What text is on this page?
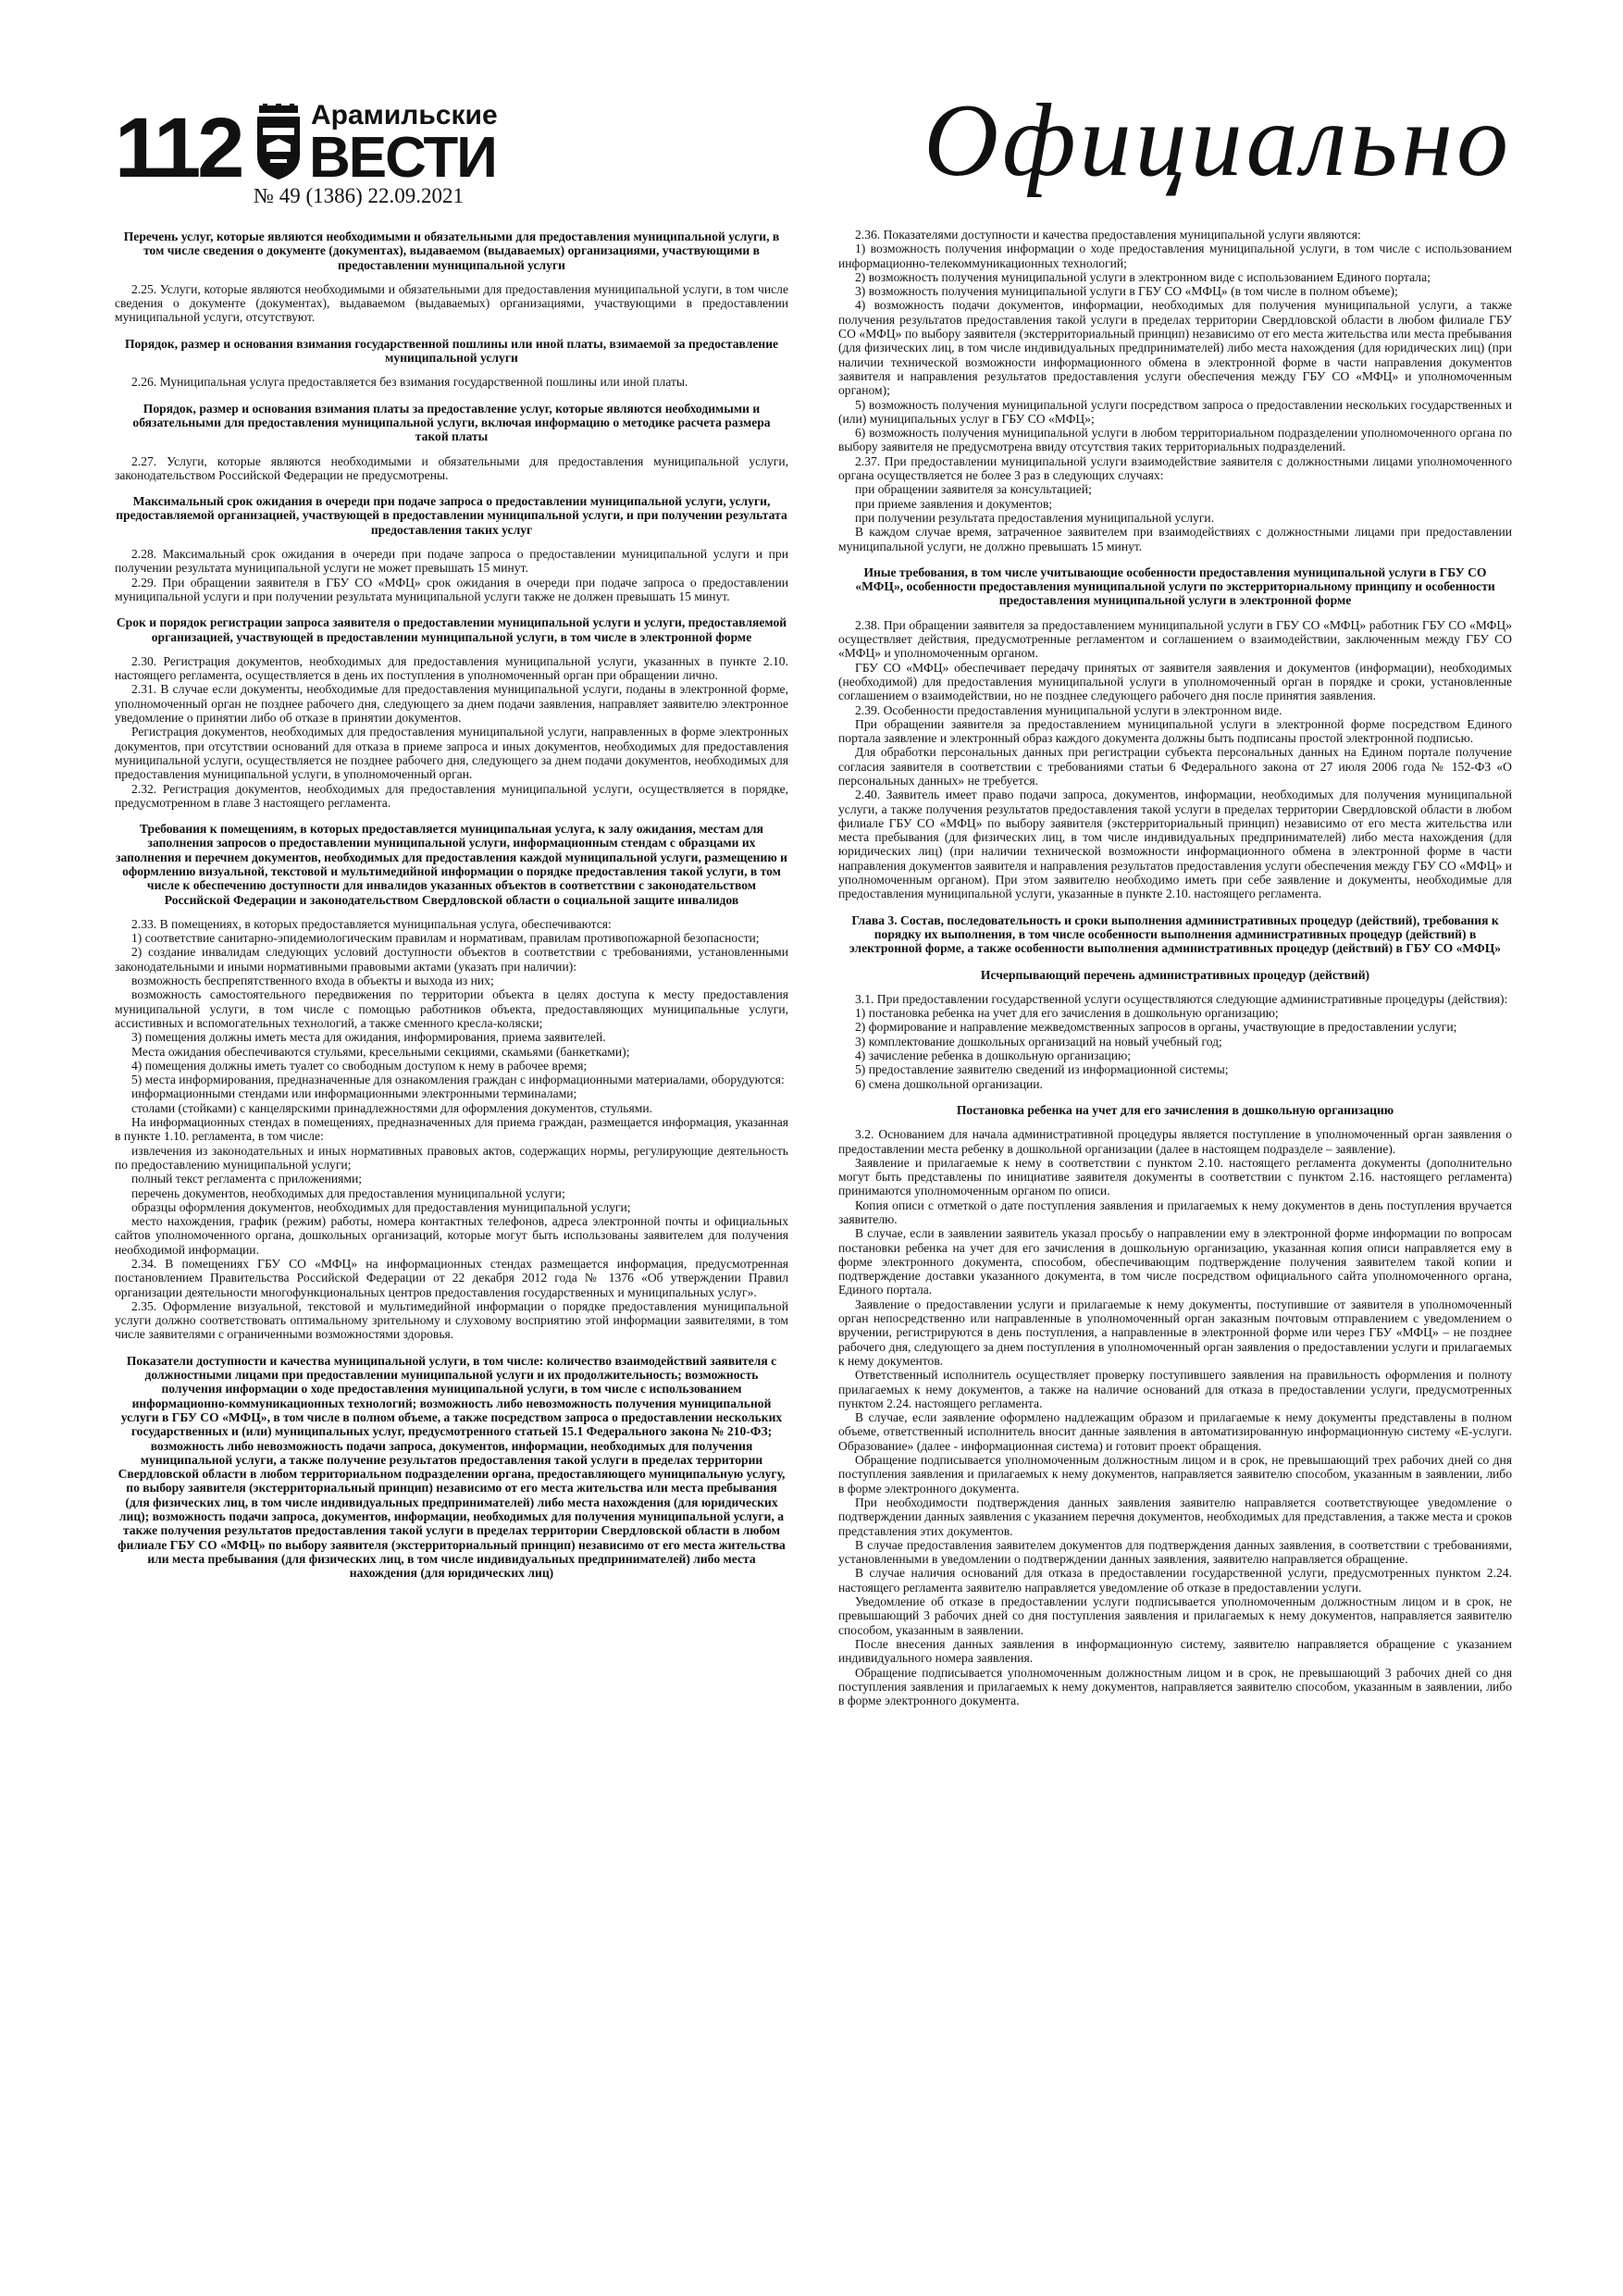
112	Арамильские
ВЕСТИ
№ 49 (1386) 22.09.2021	Официально
Перечень услуг, которые являются необходимыми и обязательными для предоставления муниципальной услуги, в том числе сведения о документе (документах), выдаваемом (выдаваемых) организациями, участвующими в предоставлении муниципальной услуги

2.25. Услуги, которые являются необходимыми и обязательными для предоставления муниципальной услуги, в том числе сведения о документе (документах), выдаваемом (выдаваемых) организациями, участвующими в предоставлении муниципальной услуги, отсутствуют.

Порядок, размер и основания взимания государственной пошлины или иной платы, взимаемой за предоставление муниципальной услуги

2.26. Муниципальная услуга предоставляется без взимания государственной пошлины или иной платы.

Порядок, размер и основания взимания платы за предоставление услуг, которые являются необходимыми и обязательными для предоставления муниципальной услуги, включая информацию о методике расчета размера такой платы

2.27. Услуги, которые являются необходимыми и обязательными для предоставления муниципальной услуги, законодательством Российской Федерации не предусмотрены.

Максимальный срок ожидания в очереди при подаче запроса о предоставлении муниципальной услуги, услуги, предоставляемой организацией, участвующей в предоставлении муниципальной услуги, и при получении результата предоставления таких услуг

2.28. Максимальный срок ожидания в очереди при подаче запроса о предоставлении муниципальной услуги и при получении результата муниципальной услуги не может превышать 15 минут.

2.29. При обращении заявителя в ГБУ СО «МФЦ» срок ожидания в очереди при подаче запроса о предоставлении муниципальной услуги и при получении результата муниципальной услуги также не должен превышать 15 минут.

Срок и порядок регистрации запроса заявителя о предоставлении муниципальной услуги и услуги, предоставляемой организацией, участвующей в предоставлении муниципальной услуги, в том числе в электронной форме

2.30. Регистрация документов, необходимых для предоставления муниципальной услуги, указанных в пункте 2.10. настоящего регламента, осуществляется в день их поступления в уполномоченный орган при обращении лично.

2.31. В случае если документы, необходимые для предоставления муниципальной услуги, поданы в электронной форме, уполномоченный орган не позднее рабочего дня, следующего за днем подачи заявления, направляет заявителю электронное уведомление о принятии либо об отказе в принятии документов.

Регистрация документов, необходимых для предоставления муниципальной услуги, направленных в форме электронных документов, при отсутствии оснований для отказа в приеме запроса и иных документов, необходимых для предоставления муниципальной услуги, осуществляется не позднее рабочего дня, следующего за днем подачи документов, необходимых для предоставления муниципальной услуги, в уполномоченный орган.

2.32. Регистрация документов, необходимых для предоставления муниципальной услуги, осуществляется в порядке, предусмотренном в главе 3 настоящего регламента.

Требования к помещениям, в которых предоставляется муниципальная услуга, к залу ожидания, местам для заполнения запросов о предоставлении муниципальной услуги, информационным стендам с образцами их заполнения и перечнем документов, необходимых для предоставления каждой муниципальной услуги, размещению и оформлению визуальной, текстовой и мультимедийной информации о порядке предоставления такой услуги, в том числе к обеспечению доступности для инвалидов указанных объектов в соответствии с законодательством Российской Федерации и законодательством Свердловской области о социальной защите инвалидов

2.33. В помещениях, в которых предоставляется муниципальная услуга, обеспечиваются:

1) соответствие санитарно-эпидемиологическим правилам и нормативам, правилам противопожарной безопасности;

2) создание инвалидам следующих условий доступности объектов в соответствии с требованиями, установленными законодательными и иными нормативными правовыми актами (указать при наличии):

возможность беспрепятственного входа в объекты и выхода из них;

возможность самостоятельного передвижения по территории объекта в целях доступа к месту предоставления муниципальной услуги, в том числе с помощью работников объекта, предоставляющих муниципальные услуги, ассистивных и вспомогательных технологий, а также сменного кресла-коляски;

3) помещения должны иметь места для ожидания, информирования, приема заявителей.

Места ожидания обеспечиваются стульями, кресельными секциями, скамьями (банкетками);

4) помещения должны иметь туалет со свободным доступом к нему в рабочее время;

5) места информирования, предназначенные для ознакомления граждан с информационными материалами, оборудуются:

информационными стендами или информационными электронными терминалами;

столами (стойками) с канцелярскими принадлежностями для оформления документов, стульями.

На информационных стендах в помещениях, предназначенных для приема граждан, размещается информация, указанная в пункте 1.10. регламента, в том числе:

извлечения из законодательных и иных нормативных правовых актов, содержащих нормы, регулирующие деятельность по предоставлению муниципальной услуги;

полный текст регламента с приложениями;

перечень документов, необходимых для предоставления муниципальной услуги;

образцы оформления документов, необходимых для предоставления муниципальной услуги;

место нахождения, график (режим) работы, номера контактных телефонов, адреса электронной почты и официальных сайтов уполномоченного органа, дошкольных организаций, которые могут быть использованы заявителем для получения необходимой информации.

2.34. В помещениях ГБУ СО «МФЦ» на информационных стендах размещается информация, предусмотренная постановлением Правительства Российской Федерации от 22 декабря 2012 года № 1376 «Об утверждении Правил организации деятельности многофункциональных центров предоставления государственных и муниципальных услуг».

2.35. Оформление визуальной, текстовой и мультимедийной информации о порядке предоставления муниципальной услуги должно соответствовать оптимальному зрительному и слуховому восприятию этой информации заявителями, в том числе заявителями с ограниченными возможностями здоровья.

Показатели доступности и качества муниципальной услуги, в том числе: количество взаимодействий заявителя с должностными лицами при предоставлении муниципальной услуги и их продолжительность; возможность получения информации о ходе предоставления муниципальной услуги, в том числе с использованием информационно-коммуникационных технологий; возможность либо невозможность получения муниципальной услуги в ГБУ СО «МФЦ», в том числе в полном объеме, а также посредством запроса о предоставлении нескольких государственных и (или) муниципальных услуг, предусмотренного статьей 15.1 Федерального закона № 210-ФЗ; возможность либо невозможность подачи запроса, документов, информации, необходимых для получения муниципальной услуги, а также получение результатов предоставления такой услуги в пределах территории Свердловской области в любом территориальном подразделении органа, предоставляющего муниципальную услугу, по выбору заявителя (экстерриториальный принцип) независимо от его места жительства или места пребывания (для физических лиц, в том числе индивидуальных предпринимателей) либо места нахождения (для юридических лиц); возможность подачи запроса, документов, информации, необходимых для получения муниципальной услуги, а также получения результатов предоставления такой услуги в пределах территории Свердловской области в любом филиале ГБУ СО «МФЦ» по выбору заявителя (экстерриториальный принцип) независимо от его места жительства или места пребывания (для физических лиц, в том числе индивидуальных предпринимателей) либо места нахождения (для юридических лиц)

2.36. Показателями доступности и качества предоставления муниципальной услуги являются:

1) возможность получения информации о ходе предоставления муниципальной услуги, в том числе с использованием информационно-телекоммуникационных технологий;

2) возможность получения муниципальной услуги в электронном виде с использованием Единого портала;

3) возможность получения муниципальной услуги в ГБУ СО «МФЦ» (в том числе в полном объеме);

4) возможность подачи документов, информации, необходимых для получения муниципальной услуги, а также получения результатов предоставления такой услуги в пределах территории Свердловской области в любом филиале ГБУ СО «МФЦ» по выбору заявителя (экстерриториальный принцип) независимо от его места жительства или места пребывания (для физических лиц, в том числе индивидуальных предпринимателей) либо места нахождения (для юридических лиц) (при наличии технической возможности информационного обмена в электронной форме в части направления документов заявителя и направления результатов предоставления услуги обеспечения между ГБУ СО «МФЦ» и уполномоченным органом);

5) возможность получения муниципальной услуги посредством запроса о предоставлении нескольких государственных и (или) муниципальных услуг в ГБУ СО «МФЦ»;

6) возможность получения муниципальной услуги в любом территориальном подразделении уполномоченного органа по выбору заявителя не предусмотрена ввиду отсутствия таких территориальных подразделений.

2.37. При предоставлении муниципальной услуги взаимодействие заявителя с должностными лицами уполномоченного органа осуществляется не более 3 раз в следующих случаях:

при обращении заявителя за консультацией;

при приеме заявления и документов;

при получении результата предоставления муниципальной услуги.

В каждом случае время, затраченное заявителем при взаимодействиях с должностными лицами при предоставлении муниципальной услуги, не должно превышать 15 минут.

Иные требования, в том числе учитывающие особенности предоставления муниципальной услуги в ГБУ СО «МФЦ», особенности предоставления муниципальной услуги по экстерриториальному принципу и особенности предоставления муниципальной услуги в электронной форме

2.38. При обращении заявителя за предоставлением муниципальной услуги в ГБУ СО «МФЦ» работник ГБУ СО «МФЦ» осуществляет действия, предусмотренные регламентом и соглашением о взаимодействии, заключенным между ГБУ СО «МФЦ» и уполномоченным органом.

ГБУ СО «МФЦ» обеспечивает передачу принятых от заявителя заявления и документов (информации), необходимых (необходимой) для предоставления муниципальной услуги в уполномоченный орган в порядке и сроки, установленные соглашением о взаимодействии, но не позднее следующего рабочего дня после принятия заявления.

2.39. Особенности предоставления муниципальной услуги в электронном виде.

При обращении заявителя за предоставлением муниципальной услуги в электронной форме посредством Единого портала заявление и электронный образ каждого документа должны быть подписаны простой электронной подписью.

Для обработки персональных данных при регистрации субъекта персональных данных на Едином портале получение согласия заявителя в соответствии с требованиями статьи 6 Федерального закона от 27 июля 2006 года № 152-ФЗ «О персональных данных» не требуется.

2.40. Заявитель имеет право подачи запроса, документов, информации, необходимых для получения муниципальной услуги, а также получения результатов предоставления такой услуги в пределах территории Свердловской области в любом филиале ГБУ СО «МФЦ» по выбору заявителя (экстерриториальный принцип) независимо от его места жительства или места пребывания (для физических лиц, в том числе индивидуальных предпринимателей) либо места нахождения (для юридических лиц) (при наличии технической возможности информационного обмена в электронной форме в части направления документов заявителя и направления результатов предоставления услуги обеспечения между ГБУ СО «МФЦ» и уполномоченным органом). При этом заявителю необходимо иметь при себе заявление и документы, необходимые для предоставления муниципальной услуги, указанные в пункте 2.10. настоящего регламента.

Глава 3. Состав, последовательность и сроки выполнения административных процедур (действий), требования к порядку их выполнения, в том числе особенности выполнения административных процедур (действий) в электронной форме, а также особенности выполнения административных процедур (действий) в ГБУ СО «МФЦ»
Исчерпывающий перечень административных процедур (действий)

3.1. При предоставлении государственной услуги осуществляются следующие административные процедуры (действия):

1) постановка ребенка на учет для его зачисления в дошкольную организацию;

2) формирование и направление межведомственных запросов в органы, участвующие в предоставлении услуги;

3) комплектование дошкольных организаций на новый учебный год;

4) зачисление ребенка в дошкольную организацию;

5) предоставление заявителю сведений из информационной системы;

6) смена дошкольной организации.

Постановка ребенка на учет для его зачисления в дошкольную организацию

3.2. Основанием для начала административной процедуры является поступление в уполномоченный орган заявления о предоставлении места ребенку в дошкольной организации (далее в настоящем подразделе – заявление).

Заявление и прилагаемые к нему в соответствии с пунктом 2.10. настоящего регламента документы (дополнительно могут быть представлены по инициативе заявителя документы в соответствии с пунктом 2.16. настоящего регламента) принимаются уполномоченным органом по описи.

Копия описи с отметкой о дате поступления заявления и прилагаемых к нему документов в день поступления вручается заявителю.

В случае, если в заявлении заявитель указал просьбу о направлении ему в электронной форме информации по вопросам постановки ребенка на учет для его зачисления в дошкольную организацию, указанная копия описи направляется ему в форме электронного документа, способом, обеспечивающим подтверждение получения заявителем такой копии и подтверждение доставки указанного документа, в том числе посредством официального сайта уполномоченного органа, Единого портала.

Заявление о предоставлении услуги и прилагаемые к нему документы, поступившие от заявителя в уполномоченный орган непосредственно или направленные в уполномоченный орган заказным почтовым отправлением с уведомлением о вручении, регистрируются в день поступления, а направленные в электронной форме или через ГБУ «МФЦ» – не позднее рабочего дня, следующего за днем поступления в уполномоченный орган заявления о предоставлении услуги и прилагаемых к нему документов.

Ответственный исполнитель осуществляет проверку поступившего заявления на правильность оформления и полноту прилагаемых к нему документов, а также на наличие оснований для отказа в предоставлении услуги, предусмотренных пунктом 2.24. настоящего регламента.

В случае, если заявление оформлено надлежащим образом и прилагаемые к нему документы представлены в полном объеме, ответственный исполнитель вносит данные заявления в автоматизированную информационную систему «Е-услуги. Образование» (далее - информационная система) и готовит проект обращения.

Обращение подписывается уполномоченным должностным лицом и в срок, не превышающий трех рабочих дней со дня поступления заявления и прилагаемых к нему документов, направляется заявителю способом, указанным в заявлении, либо в форме электронного документа.

При необходимости подтверждения данных заявления заявителю направляется соответствующее уведомление о подтверждении данных заявления с указанием перечня документов, необходимых для представления, а также места и сроков представления этих документов.

В случае предоставления заявителем документов для подтверждения данных заявления, в соответствии с требованиями, установленными в уведомлении о подтверждении данных заявления, заявителю направляется обращение.

В случае наличия оснований для отказа в предоставлении государственной услуги, предусмотренных пунктом 2.24. настоящего регламента заявителю направляется уведомление об отказе в предоставлении услуги.

Уведомление об отказе в предоставлении услуги подписывается уполномоченным должностным лицом и в срок, не превышающий 3 рабочих дней со дня поступления заявления и прилагаемых к нему документов, направляется заявителю способом, указанным в заявлении.

После внесения данных заявления в информационную систему, заявителю направляется обращение с указанием индивидуального номера заявления.

Обращение подписывается уполномоченным должностным лицом и в срок, не превышающий 3 рабочих дней со дня поступления заявления и прилагаемых к нему документов, направляется заявителю способом, указанным в заявлении, либо в форме электронного документа.
